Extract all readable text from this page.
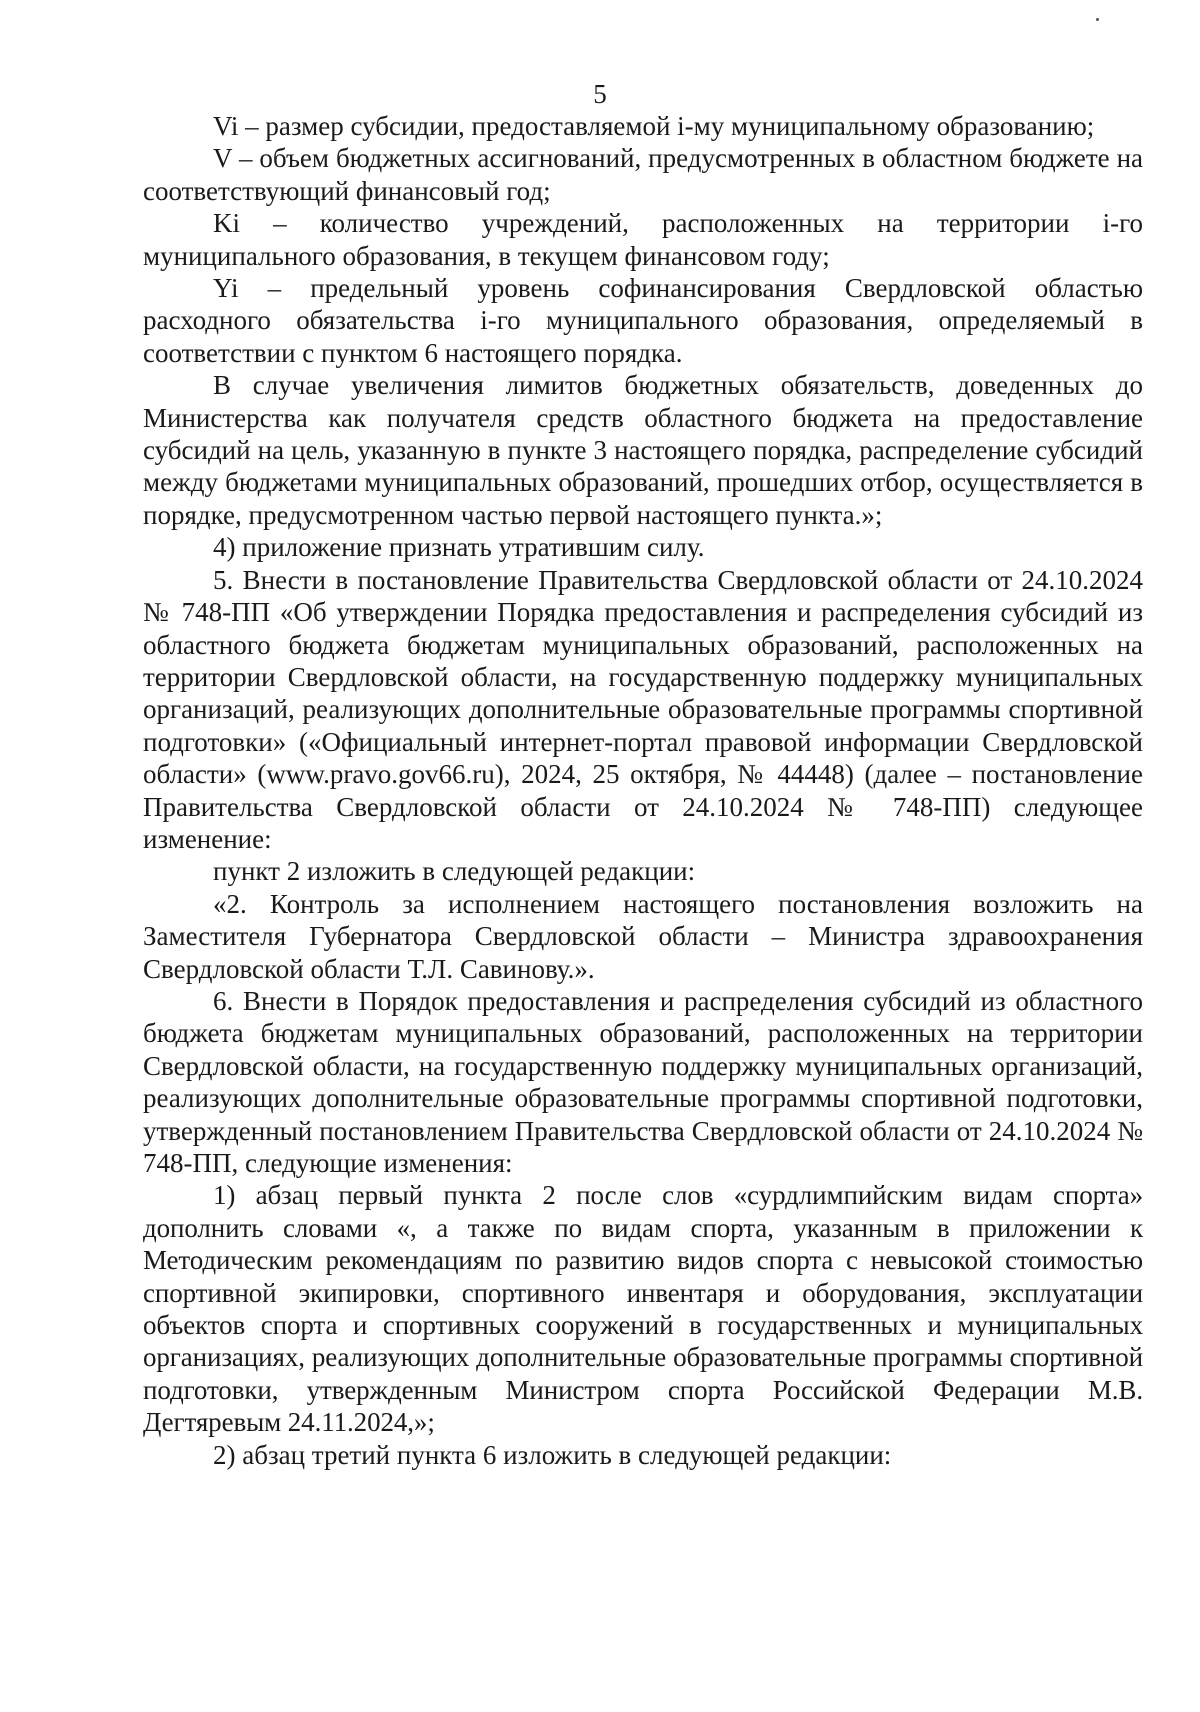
5

Vi – размер субсидии, предоставляемой i-му муниципальному образованию;

V – объем бюджетных ассигнований, предусмотренных в областном бюджете на соответствующий финансовый год;

Ki – количество учреждений, расположенных на территории i-го муниципального образования, в текущем финансовом году;

Yi – предельный уровень софинансирования Свердловской областью расходного обязательства i-го муниципального образования, определяемый в соответствии с пунктом 6 настоящего порядка.

В случае увеличения лимитов бюджетных обязательств, доведенных до Министерства как получателя средств областного бюджета на предоставление субсидий на цель, указанную в пункте 3 настоящего порядка, распределение субсидий между бюджетами муниципальных образований, прошедших отбор, осуществляется в порядке, предусмотренном частью первой настоящего пункта.»;

4) приложение признать утратившим силу.

5. Внести в постановление Правительства Свердловской области от 24.10.2024 № 748-ПП «Об утверждении Порядка предоставления и распределения субсидий из областного бюджета бюджетам муниципальных образований, расположенных на территории Свердловской области, на государственную поддержку муниципальных организаций, реализующих дополнительные образовательные программы спортивной подготовки» («Официальный интернет-портал правовой информации Свердловской области» (www.pravo.gov66.ru), 2024, 25 октября, № 44448) (далее – постановление Правительства Свердловской области от 24.10.2024 № 748-ПП) следующее изменение:

пункт 2 изложить в следующей редакции:

«2. Контроль за исполнением настоящего постановления возложить на Заместителя Губернатора Свердловской области – Министра здравоохранения Свердловской области Т.Л. Савинову.».

6. Внести в Порядок предоставления и распределения субсидий из областного бюджета бюджетам муниципальных образований, расположенных на территории Свердловской области, на государственную поддержку муниципальных организаций, реализующих дополнительные образовательные программы спортивной подготовки, утвержденный постановлением Правительства Свердловской области от 24.10.2024 № 748-ПП, следующие изменения:

1) абзац первый пункта 2 после слов «сурдлимпийским видам спорта» дополнить словами «, а также по видам спорта, указанным в приложении к Методическим рекомендациям по развитию видов спорта с невысокой стоимостью спортивной экипировки, спортивного инвентаря и оборудования, эксплуатации объектов спорта и спортивных сооружений в государственных и муниципальных организациях, реализующих дополнительные образовательные программы спортивной подготовки, утвержденным Министром спорта Российской Федерации М.В. Дегтяревым 24.11.2024,»;

2) абзац третий пункта 6 изложить в следующей редакции:
